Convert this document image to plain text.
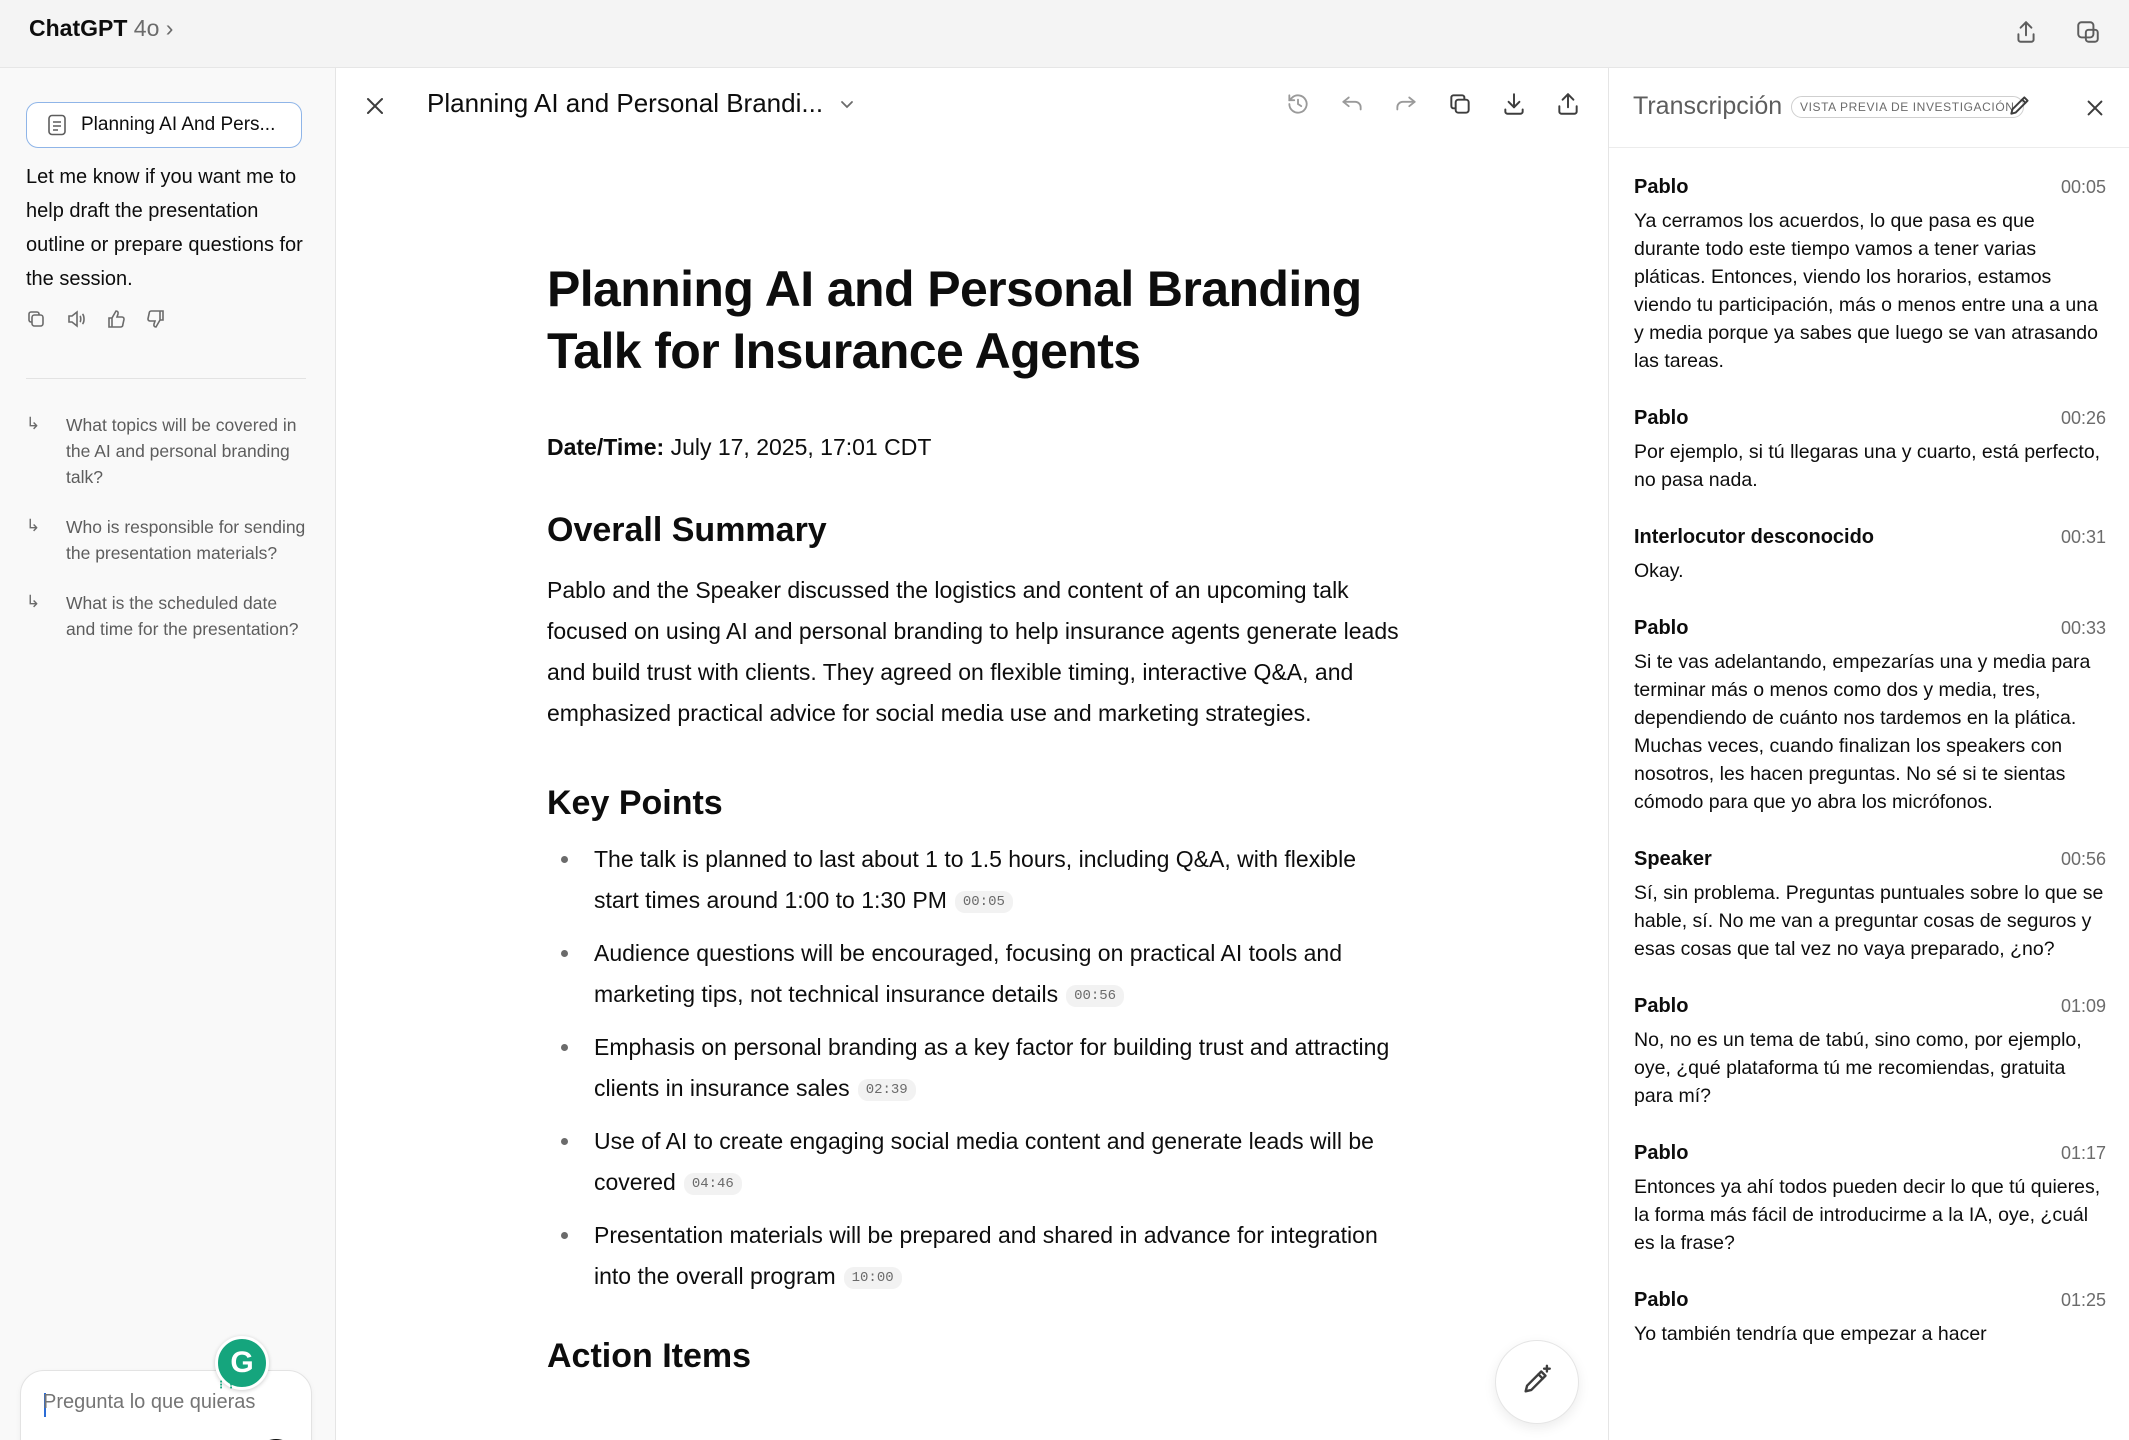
ChatGPT 4o ›
Planning AI And Pers...
Let me know if you want me to help draft the presentation outline or prepare questions for the session.
↳	What topics will be covered in the AI and personal branding talk?
↳	Who is responsible for sending the presentation materials?
↳	What is the scheduled date and time for the presentation?
Pregunta lo que quieras
G
⋮⋮
Planning AI and Personal Brandi...
Planning AI and Personal Branding Talk for Insurance Agents

Date/Time: July 17, 2025, 17:01 CDT

Overall Summary

Pablo and the Speaker discussed the logistics and content of an upcoming talk focused on using AI and personal branding to help insurance agents generate leads and build trust with clients. They agreed on flexible timing, interactive Q&A, and emphasized practical advice for social media use and marketing strategies.

Key Points
The talk is planned to last about 1 to 1.5 hours, including Q&A, with flexible start times around 1:00 to 1:30 PM 00:05
Audience questions will be encouraged, focusing on practical AI tools and marketing tips, not technical insurance details 00:56
Emphasis on personal branding as a key factor for building trust and attracting clients in insurance sales 02:39
Use of AI to create engaging social media content and generate leads will be covered 04:46
Presentation materials will be prepared and shared in advance for integration into the overall program 10:00
Action Items
Transcripción	VISTA PREVIA DE INVESTIGACIÓN
Pablo	00:05

Ya cerramos los acuerdos, lo que pasa es que durante todo este tiempo vamos a tener varias pláticas. Entonces, viendo los horarios, estamos viendo tu participación, más o menos entre una a una y media porque ya sabes que luego se van atrasando las tareas.

Pablo	00:26

Por ejemplo, si tú llegaras una y cuarto, está perfecto, no pasa nada.

Interlocutor desconocido	00:31

Okay.

Pablo	00:33

Si te vas adelantando, empezarías una y media para terminar más o menos como dos y media, tres, dependiendo de cuánto nos tardemos en la plática. Muchas veces, cuando finalizan los speakers con nosotros, les hacen preguntas. No sé si te sientas cómodo para que yo abra los micrófonos.

Speaker	00:56

Sí, sin problema. Preguntas puntuales sobre lo que se hable, sí. No me van a preguntar cosas de seguros y esas cosas que tal vez no vaya preparado, ¿no?

Pablo	01:09

No, no es un tema de tabú, sino como, por ejemplo, oye, ¿qué plataforma tú me recomiendas, gratuita para mí?

Pablo	01:17

Entonces ya ahí todos pueden decir lo que tú quieres, la forma más fácil de introducirme a la IA, oye, ¿cuál es la frase?

Pablo	01:25

Yo también tendría que empezar a hacer
